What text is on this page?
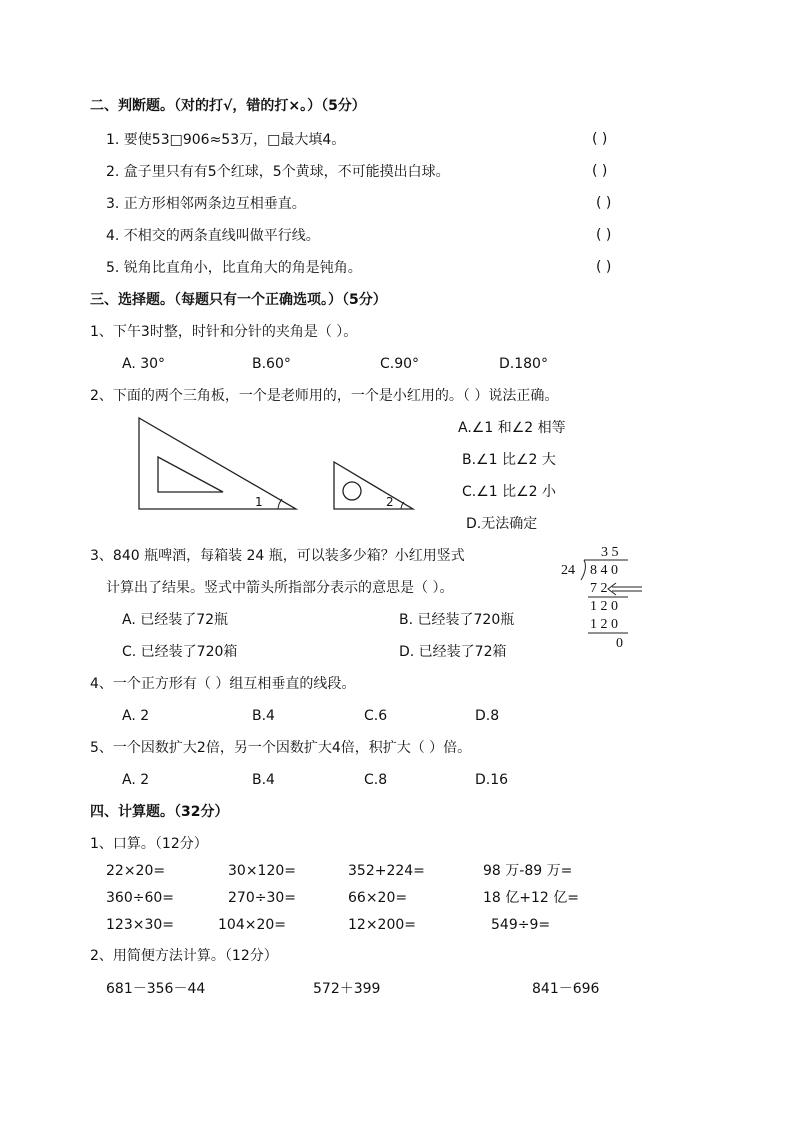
二、判断题。（对的打√，错的打×。）（5分）
1. 要使53□906≈53万，□最大填4。	( )
2. 盒子里只有有5个红球，5个黄球，不可能摸出白球。	( )
3. 正方形相邻两条边互相垂直。	( )
4. 不相交的两条直线叫做平行线。	( )
5. 锐角比直角小，比直角大的角是钝角。	( )
三、选择题。（每题只有一个正确选项。）（5分）
1、下午3时整，时针和分针的夹角是（ ）。
A. 30°	B.60°	C.90°	D.180°
2、下面的两个三角板，一个是老师用的，一个是小红用的。（ ）说法正确。
1	2
A.∠1 和∠2 相等
B.∠1 比∠2 大
C.∠1 比∠2 小
D.无法确定
3、840 瓶啤酒，每箱装 24 瓶，可以装多少箱？小红用竖式
计算出了结果。竖式中箭头所指部分表示的意思是（ ）。
A. 已经装了72瓶	B. 已经装了720瓶
C. 已经装了720箱	D. 已经装了72箱
3 5
24 8 4 0
7 2
1 2 0
1 2 0
0
4、一个正方形有（ ）组互相垂直的线段。
A. 2	B.4	C.6	D.8
5、一个因数扩大2倍，另一个因数扩大4倍，积扩大（ ）倍。
A. 2	B.4	C.8	D.16
四、计算题。（32分）
1、口算。（12分）
22×20=	30×120=	352+224=	98 万-89 万=
360÷60=	270÷30=	66×20=	18 亿+12 亿=
123×30=	104×20=	12×200=	549÷9=
2、用简便方法计算。（12分）
681－356－44	572＋399	841－696
